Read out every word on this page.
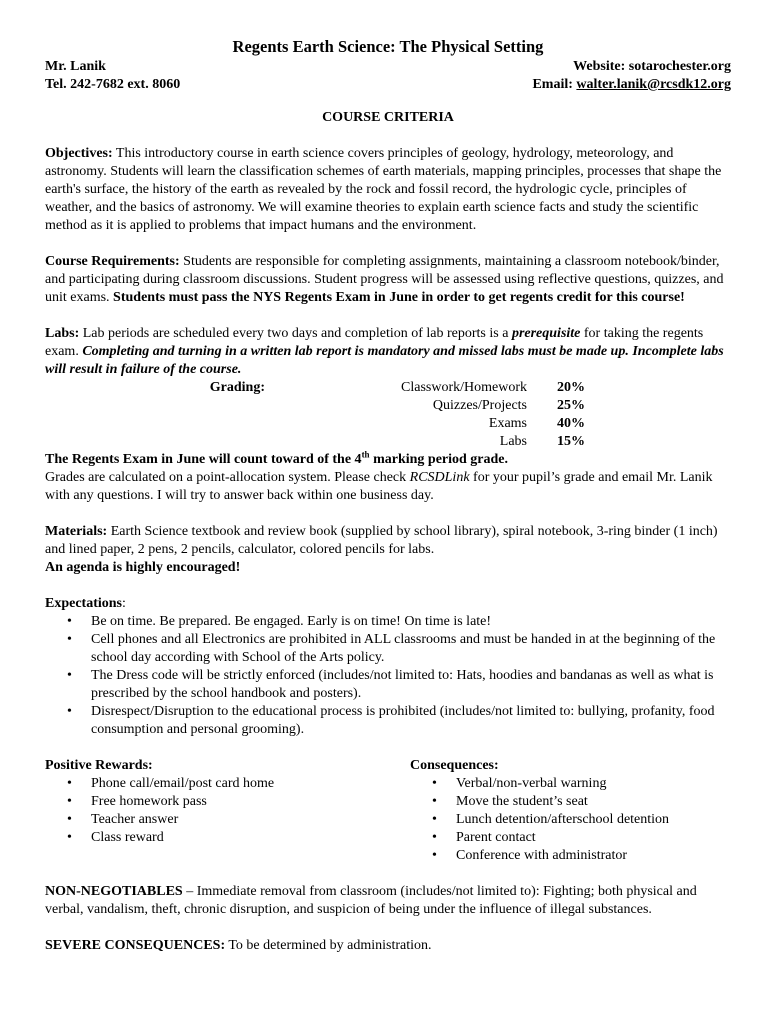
Regents Earth Science: The Physical Setting
Mr. Lanik
Tel. 242-7682 ext. 8060
Website: sotarochester.org
Email: walter.lanik@rcsdk12.org
COURSE CRITERIA

Objectives: This introductory course in earth science covers principles of geology, hydrology, meteorology, and astronomy. Students will learn the classification schemes of earth materials, mapping principles, processes that shape the earth's surface, the history of the earth as revealed by the rock and fossil record, the hydrologic cycle, principles of weather, and the basics of astronomy. We will examine theories to explain earth science facts and study the scientific method as it is applied to problems that impact humans and the environment.

Course Requirements: Students are responsible for completing assignments, maintaining a classroom notebook/binder, and participating during classroom discussions. Student progress will be assessed using reflective questions, quizzes, and unit exams. Students must pass the NYS Regents Exam in June in order to get regents credit for this course!

Labs: Lab periods are scheduled every two days and completion of lab reports is a prerequisite for taking the regents exam. Completing and turning in a written lab report is mandatory and missed labs must be made up. Incomplete labs will result in failure of the course.

Grading:	Classwork/Homework	20%
Quizzes/Projects	25%
Exams	40%
Labs	15%

The Regents Exam in June will count toward of the 4th marking period grade.

Grades are calculated on a point-allocation system. Please check RCSDLink for your pupil’s grade and email Mr. Lanik with any questions. I will try to answer back within one business day.

Materials: Earth Science textbook and review book (supplied by school library), spiral notebook, 3-ring binder (1 inch) and lined paper, 2 pens, 2 pencils, calculator, colored pencils for labs.

An agenda is highly encouraged!

Expectations:

• Be on time. Be prepared. Be engaged. Early is on time! On time is late!
• Cell phones and all Electronics are prohibited in ALL classrooms and must be handed in at the beginning of the school day according with School of the Arts policy.
• The Dress code will be strictly enforced (includes/not limited to: Hats, hoodies and bandanas as well as what is prescribed by the school handbook and posters).
• Disrespect/Disruption to the educational process is prohibited (includes/not limited to: bullying, profanity, food consumption and personal grooming).

Positive Rewards:

• Phone call/email/post card home
• Free homework pass
• Teacher answer
• Class reward

Consequences:

• Verbal/non-verbal warning
• Move the student’s seat
• Lunch detention/afterschool detention
• Parent contact
• Conference with administrator

NON-NEGOTIABLES – Immediate removal from classroom (includes/not limited to): Fighting; both physical and verbal, vandalism, theft, chronic disruption, and suspicion of being under the influence of illegal substances.

SEVERE CONSEQUENCES: To be determined by administration.
